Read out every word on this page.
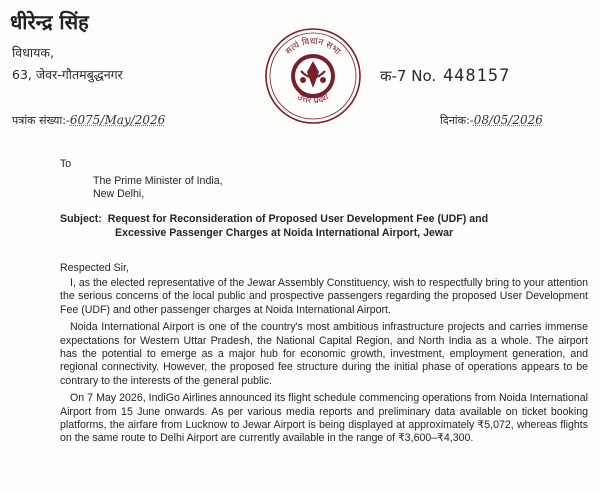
धीरेन्द्र सिंह
विधायक,
63, जेवर-गौतमबुद्धनगर
सत्यं विधान सभा
उत्तर प्रदेश
क-7 No. 448157
पत्रांक संख्या:-6075/May/2026	दिनांक:-08/05/2026
To
The Prime Minister of India,
New Delhi,
Subject: Request for Reconsideration of Proposed User Development Fee (UDF) and
Excessive Passenger Charges at Noida International Airport, Jewar
Respected Sir,

I, as the elected representative of the Jewar Assembly Constituency, wish to respectfully bring to your attention the serious concerns of the local public and prospective passengers regarding the proposed User Development Fee (UDF) and other passenger charges at Noida International Airport.

Noida International Airport is one of the country's most ambitious infrastructure projects and carries immense expectations for Western Uttar Pradesh, the National Capital Region, and North India as a whole. The airport has the potential to emerge as a major hub for economic growth, investment, employment generation, and regional connectivity. However, the proposed fee structure during the initial phase of operations appears to be contrary to the interests of the general public.

On 7 May 2026, IndiGo Airlines announced its flight schedule commencing operations from Noida International Airport from 15 June onwards. As per various media reports and preliminary data available on ticket booking platforms, the airfare from Lucknow to Jewar Airport is being displayed at approximately ₹5,072, whereas flights on the same route to Delhi Airport are currently available in the range of ₹3,600–₹4,300.
